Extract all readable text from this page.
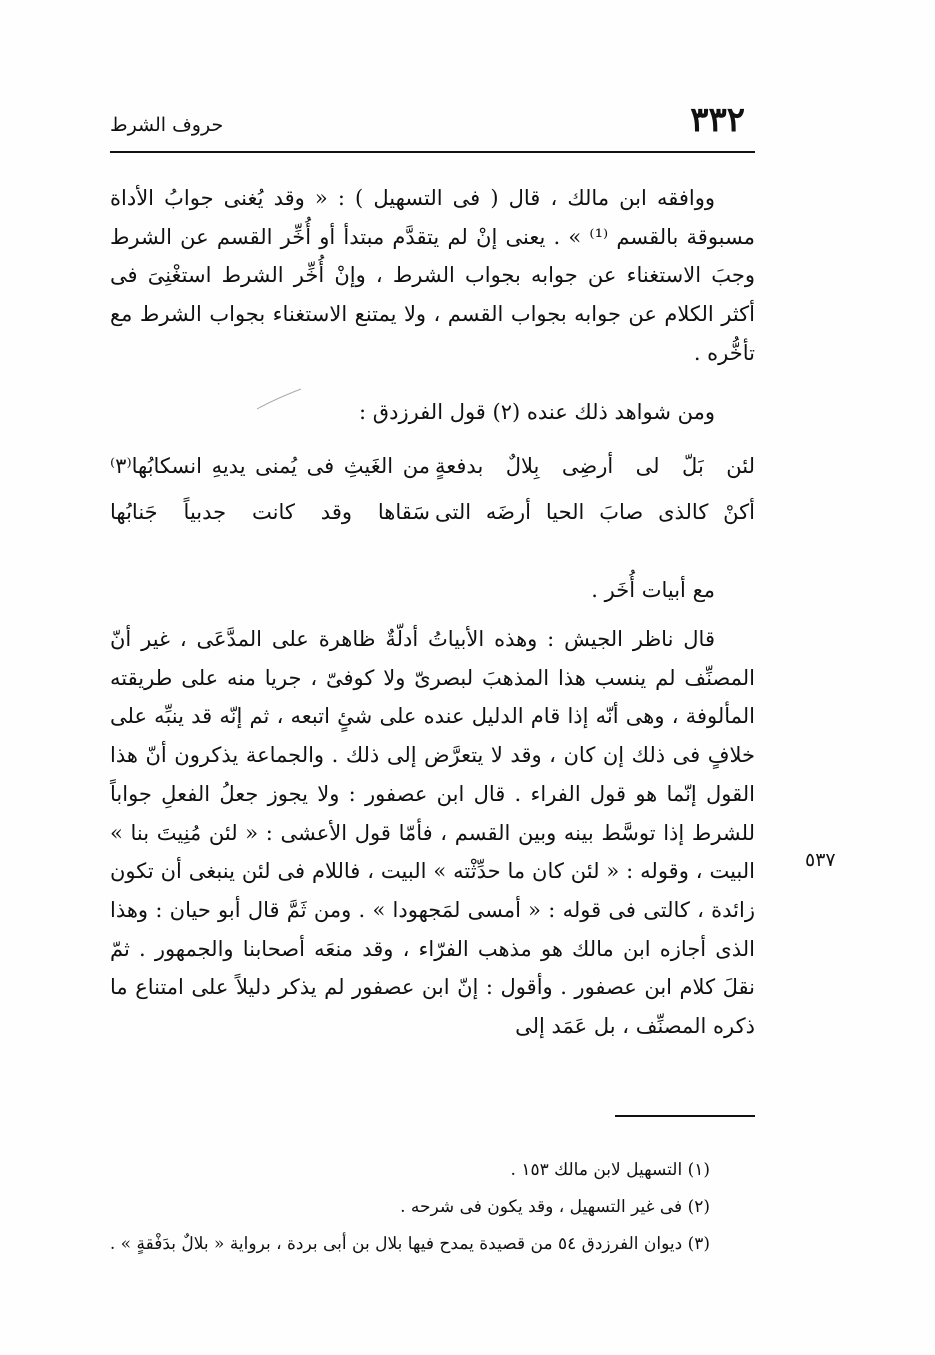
٣٣٢
حروف الشرط
ووافقه ابن مالك ، قال ( فى التسهيل ) : « وقد يُغنى جوابُ الأداة مسبوقة بالقسم ⁽¹⁾ » . يعنى إنْ لم يتقدَّم مبتدأ أو أُخِّر القسم عن الشرط وجبَ الاستغناء عن جوابه بجواب الشرط ، وإنْ أُخِّر الشرط استغْنِىَ فى أكثر الكلام عن جوابه بجواب القسم ، ولا يمتنع الاستغناء بجواب الشرط مع تأخُّره .
ومن شواهد ذلك عنده (٢) قول الفرزدق :
لئن بَلّ لى أرضِى بِلالٌ بدفعةٍ
من الغَيثِ فى يُمنى يديهِ انسكابُها⁽٣⁾
أكنْ كالذى صابَ الحيا أرضَه التى
سَقاها وقد كانت جدبياً جَنابُها
مع أبيات أُخَر .
قال ناظر الجيش : وهذه الأبياتُ أدلّةٌ ظاهرة على المدَّعَى ، غير أنّ المصنِّف لم ينسب هذا المذهبَ لبصرىّ ولا كوفىّ ، جريا منه على طريقته المألوفة ، وهى أنّه إذا قام الدليل عنده على شئٍ اتبعه ، ثم إنّه قد ينبِّه على خلافٍ فى ذلك إن كان ، وقد لا يتعرَّض إلى ذلك . والجماعة يذكرون أنّ هذا القول إنّما هو قول الفراء . قال ابن عصفور : ولا يجوز جعلُ الفعلِ جواباً للشرط إذا توسَّط بينه وبين القسم ، فأمّا قول الأعشى : « لئن مُنِيتَ بنا » البيت ، وقوله : « لئن كان ما حدِّثْته » البيت ، فاللام فى لئن ينبغى أن تكون زائدة ، كالتى فى قوله : « أمسى لمَجهودا » . ومن ثَمَّ قال أبو حيان : وهذا الذى أجازه ابن مالك هو مذهب الفرّاء ، وقد منعَه أصحابنا والجمهور . ثمّ نقلَ كلام ابن عصفور . وأقول : إنّ ابن عصفور لم يذكر دليلاً على امتناع ما ذكره المصنِّف ، بل عَمَد إلى
٥٣٧
(١) التسهيل لابن مالك ١٥٣ .
(٢) فى غير التسهيل ، وقد يكون فى شرحه .
(٣) ديوان الفرزدق ٥٤ من قصيدة يمدح فيها بلال بن أبى بردة ، برواية « بلالٌ بدَفْقةٍ » .
